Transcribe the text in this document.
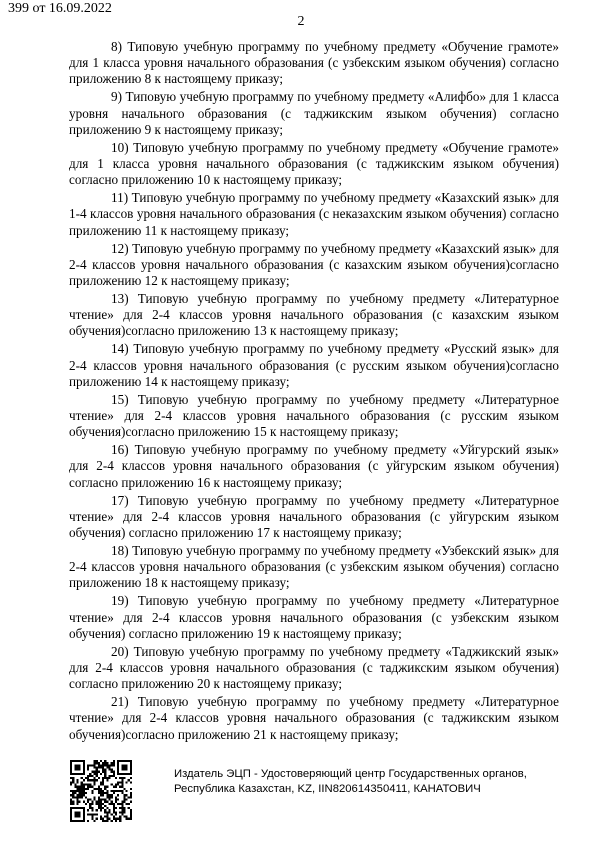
399 от 16.09.2022
2

8) Типовую учебную программу по учебному предмету «Обучение грамоте» для 1 класса уровня начального образования (с узбекским языком обучения) согласно приложению 8 к настоящему приказу;

9) Типовую учебную программу по учебному предмету «Алифбо» для 1 класса уровня начального образования (с таджикским языком обучения) согласно приложению 9 к настоящему приказу;

10) Типовую учебную программу по учебному предмету «Обучение грамоте» для 1 класса уровня начального образования (с таджикским языком обучения) согласно приложению 10 к настоящему приказу;

11) Типовую учебную программу по учебному предмету «Казахский язык» для 1-4 классов уровня начального образования (с неказахским языком обучения) согласно приложению 11 к настоящему приказу;

12) Типовую учебную программу по учебному предмету «Казахский язык» для 2-4 классов уровня начального образования (с казахским языком обучения)согласно приложению 12 к настоящему приказу;

13) Типовую учебную программу по учебному предмету «Литературное чтение» для 2-4 классов уровня начального образования (с казахским языком обучения)согласно приложению 13 к настоящему приказу;

14) Типовую учебную программу по учебному предмету «Русский язык» для 2-4 классов уровня начального образования (с русским языком обучения)согласно приложению 14 к настоящему приказу;

15) Типовую учебную программу по учебному предмету «Литературное чтение» для 2-4 классов уровня начального образования (с русским языком обучения)согласно приложению 15 к настоящему приказу;

16) Типовую учебную программу по учебному предмету «Уйгурский язык» для 2-4 классов уровня начального образования (с уйгурским языком обучения) согласно приложению 16 к настоящему приказу;

17) Типовую учебную программу по учебному предмету «Литературное чтение» для 2-4 классов уровня начального образования (с уйгурским языком обучения) согласно приложению 17 к настоящему приказу;

18) Типовую учебную программу по учебному предмету «Узбекский язык» для 2-4 классов уровня начального образования (с узбекским языком обучения) согласно приложению 18 к настоящему приказу;

19) Типовую учебную программу по учебному предмету «Литературное чтение» для 2-4 классов уровня начального образования (с узбекским языком обучения) согласно приложению 19 к настоящему приказу;

20) Типовую учебную программу по учебному предмету «Таджикский язык» для 2-4 классов уровня начального образования (с таджикским языком обучения) согласно приложению 20 к настоящему приказу;

21) Типовую учебную программу по учебному предмету «Литературное чтение» для 2-4 классов уровня начального образования (с таджикским языком обучения)согласно приложению 21 к настоящему приказу;

Издатель ЭЦП - Удостоверяющий центр Государственных органов,
Республика Казахстан, KZ, IIN820614350411, КАНАТОВИЧ
